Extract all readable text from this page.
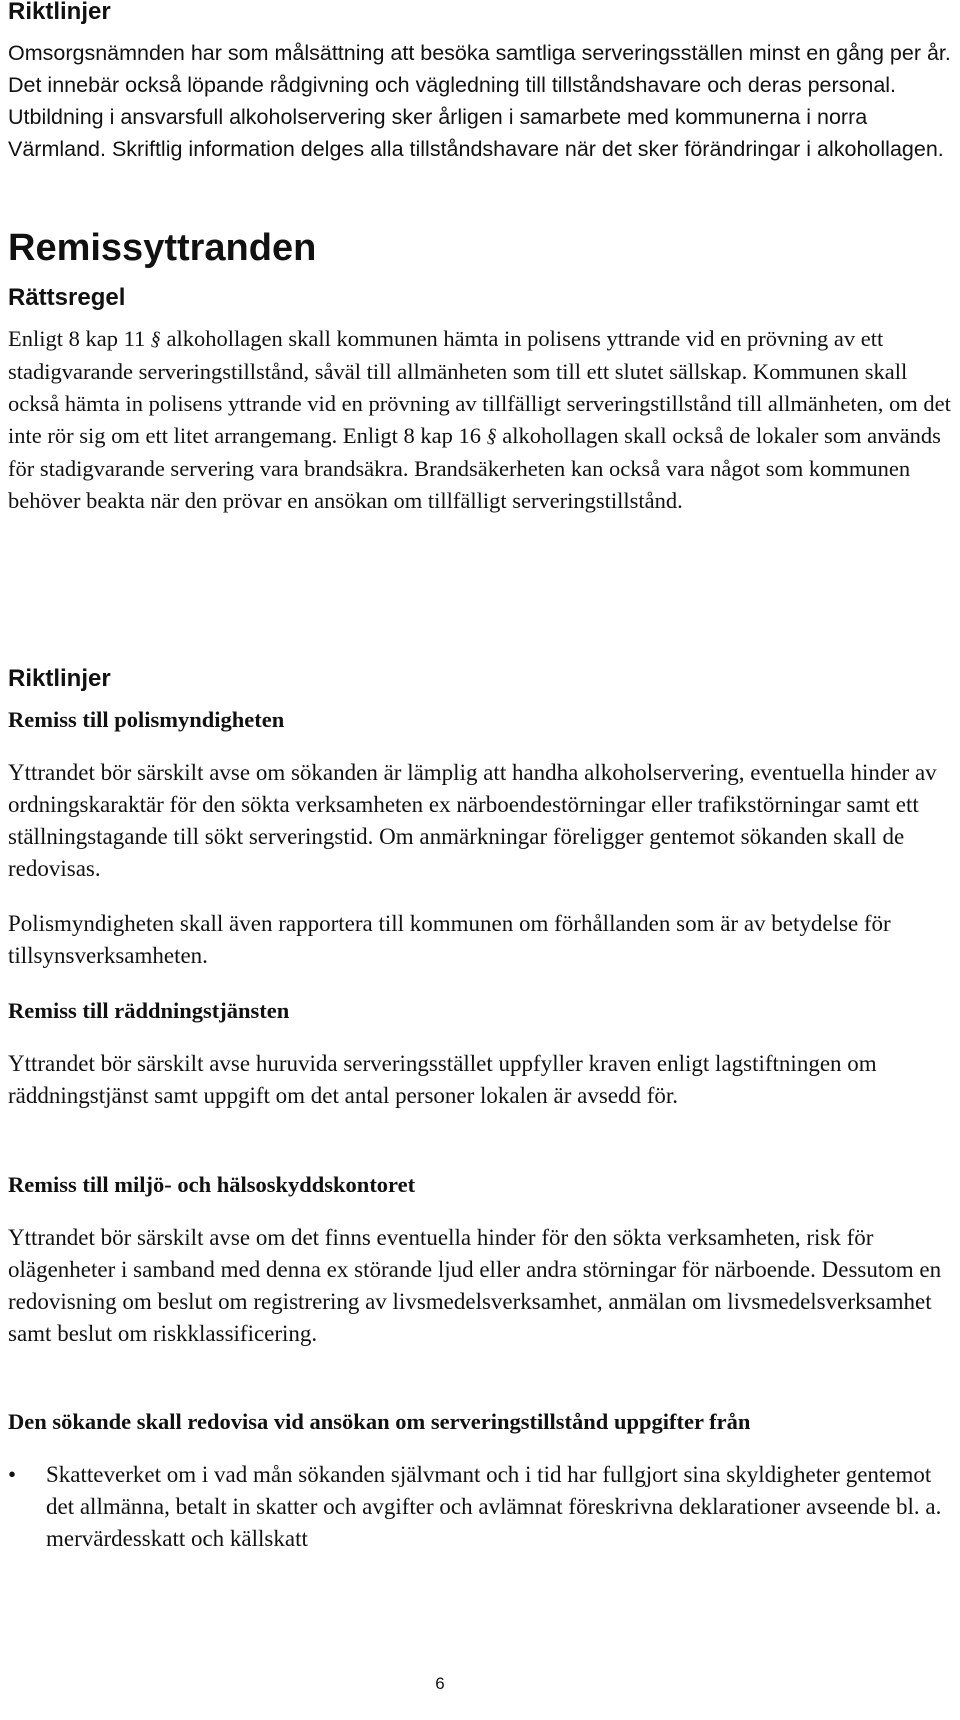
Riktlinjer

Omsorgsnämnden har som målsättning att besöka samtliga serveringsställen minst en gång per år. Det innebär också löpande rådgivning och vägledning till tillståndshavare och deras personal. Utbildning i ansvarsfull alkoholservering sker årligen i samarbete med kommunerna i norra Värmland. Skriftlig information delges alla tillståndshavare när det sker förändringar i alkohollagen.

Remissyttranden
Rättsregel

Enligt 8 kap 11 § alkohollagen skall kommunen hämta in polisens yttrande vid en prövning av ett stadigvarande serveringstillstånd, såväl till allmänheten som till ett slutet sällskap. Kommunen skall också hämta in polisens yttrande vid en prövning av tillfälligt serveringstillstånd till allmänheten, om det inte rör sig om ett litet arrangemang. Enligt 8 kap 16 § alkohollagen skall också de lokaler som används för stadigvarande servering vara brandsäkra. Brandsäkerheten kan också vara något som kommunen behöver beakta när den prövar en ansökan om tillfälligt serveringstillstånd.

Riktlinjer
Remiss till polismyndigheten

Yttrandet bör särskilt avse om sökanden är lämplig att handha alkoholservering, eventuella hinder av ordningskaraktär för den sökta verksamheten ex närboendestörningar eller trafikstörningar samt ett ställningstagande till sökt serveringstid. Om anmärkningar föreligger gentemot sökanden skall de redovisas.

Polismyndigheten skall även rapportera till kommunen om förhållanden som är av betydelse för tillsynsverksamheten.

Remiss till räddningstjänsten

Yttrandet bör särskilt avse huruvida serveringsstället uppfyller kraven enligt lagstiftningen om räddningstjänst samt uppgift om det antal personer lokalen är avsedd för.

Remiss till miljö- och hälsoskyddskontoret

Yttrandet bör särskilt avse om det finns eventuella hinder för den sökta verksamheten, risk för olägenheter i samband med denna ex störande ljud eller andra störningar för närboende. Dessutom en redovisning om beslut om registrering av livsmedelsverksamhet, anmälan om livsmedelsverksamhet samt beslut om riskklassificering.

Den sökande skall redovisa vid ansökan om serveringstillstånd uppgifter från
• Skatteverket om i vad mån sökanden självmant och i tid har fullgjort sina skyldigheter gentemot det allmänna, betalt in skatter och avgifter och avlämnat föreskrivna deklarationer avseende bl. a. mervärdesskatt och källskatt
6
